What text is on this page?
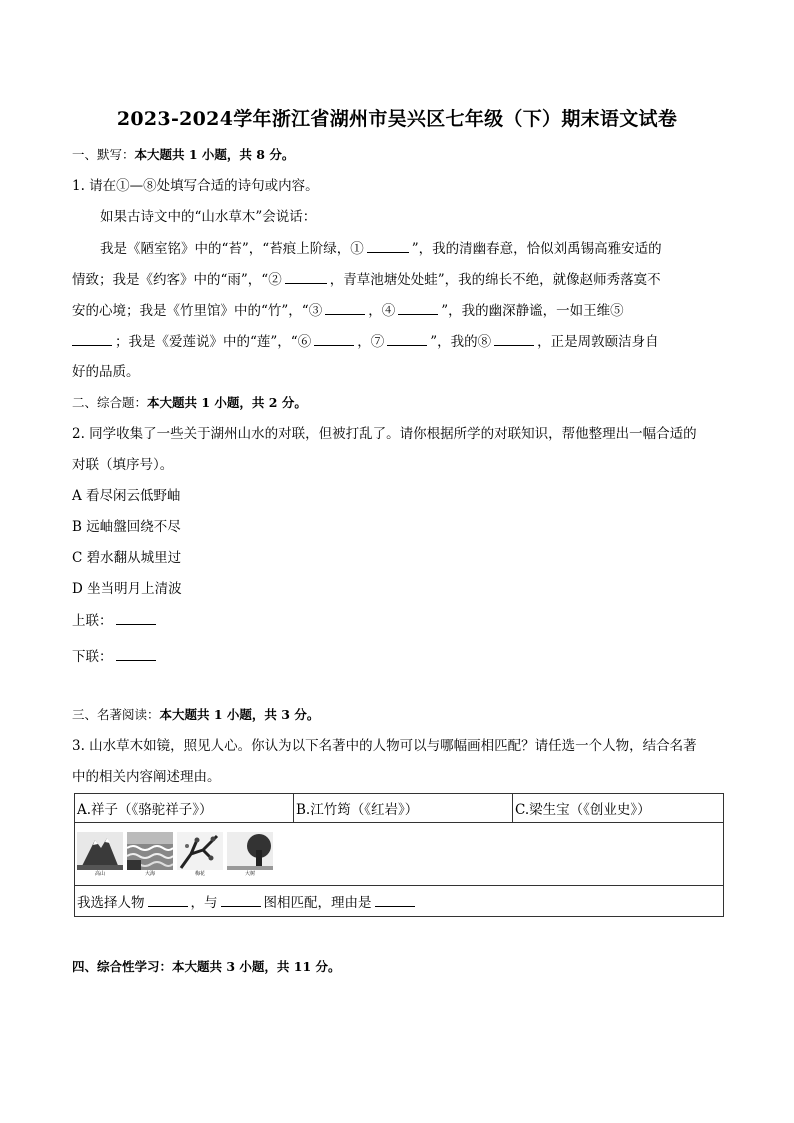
2023-2024学年浙江省湖州市吴兴区七年级（下）期末语文试卷
一、默写：本大题共 1 小题，共 8 分。
1. 请在①—⑧处填写合适的诗句或内容。
如果古诗文中的“山水草木”会说话：
我是《陋室铭》中的“苔”，“苔痕上阶绿，①	”，我的清幽春意，恰似刘禹锡高雅安适的
情致；我是《约客》中的“雨”，“②	，青草池塘处处蛙”，我的绵长不绝，就像赵师秀落寞不
安的心境；我是《竹里馆》中的“竹”，“③	，④	”，我的幽深静谧，一如王维⑤
；我是《爱莲说》中的“莲”，“⑥	，⑦	”，我的⑧	，正是周敦颐洁身自
好的品质。
二、综合题：本大题共 1 小题，共 2 分。
2. 同学收集了一些关于湖州山水的对联，但被打乱了。请你根据所学的对联知识，帮他整理出一幅合适的
对联（填序号）。
A 看尽闲云低野岫
B 远岫盤回绕不尽
C 碧水翻从城里过
D 坐当明月上清波
上联：
下联：
三、名著阅读：本大题共 1 小题，共 3 分。
3. 山水草木如镜，照见人心。你认为以下名著中的人物可以与哪幅画相匹配？请任选一个人物，结合名著
中的相关内容阐述理由。
A.祥子（《骆驼祥子》）	B.江竹筠（《红岩》）	C.梁生宝（《创业史》）

高山	大海	梅花	大树

我选择人物	，与	图相匹配，理由是
四、综合性学习：本大题共 3 小题，共 11 分。
